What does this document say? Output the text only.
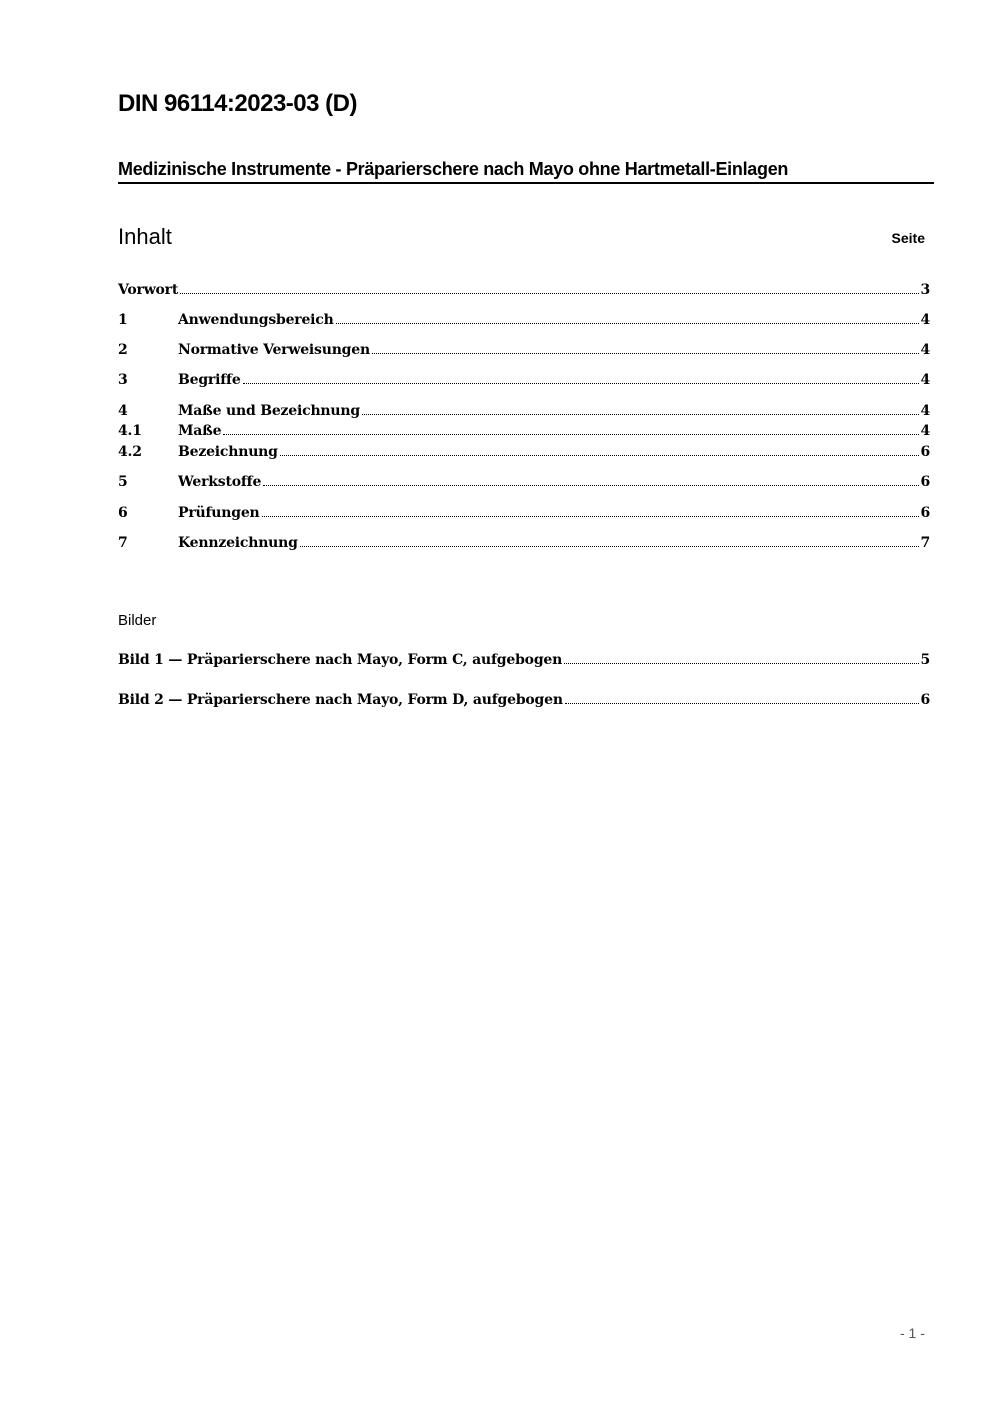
DIN 96114:2023-03 (D)
Medizinische Instrumente - Präparierschere nach Mayo ohne Hartmetall-Einlagen
Inhalt	Seite
Vorwort	3
1	Anwendungsbereich	4
2	Normative Verweisungen	4
3	Begriffe	4
4	Maße und Bezeichnung	4
4.1	Maße	4
4.2	Bezeichnung	6
5	Werkstoffe	6
6	Prüfungen	6
7	Kennzeichnung	7
Bilder
Bild 1 — Präparierschere nach Mayo, Form C, aufgebogen	5
Bild 2 — Präparierschere nach Mayo, Form D, aufgebogen	6
- 1 -
